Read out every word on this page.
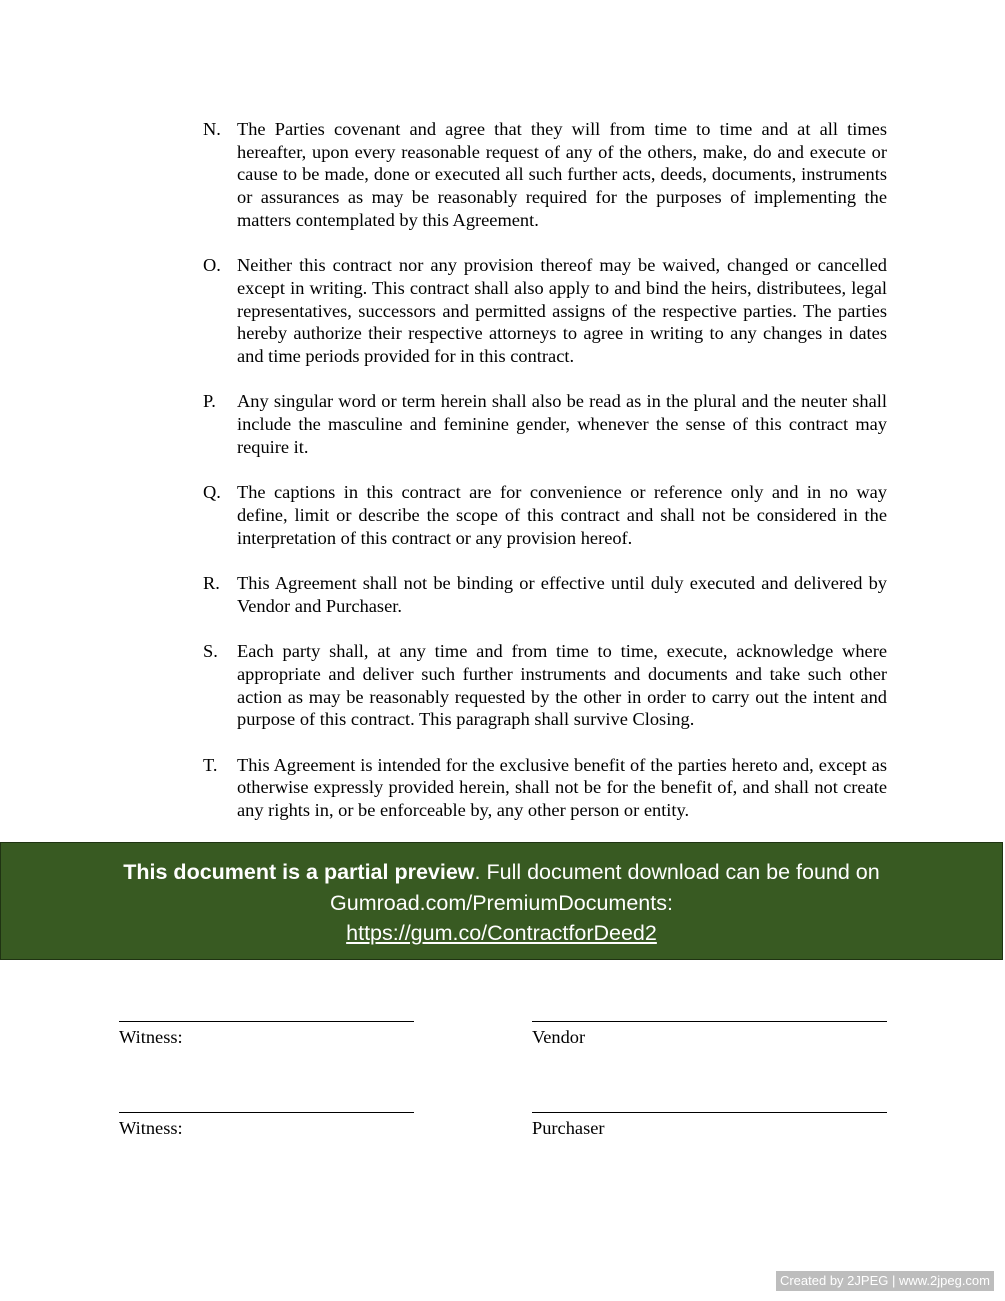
N. The Parties covenant and agree that they will from time to time and at all times hereafter, upon every reasonable request of any of the others, make, do and execute or cause to be made, done or executed all such further acts, deeds, documents, instruments or assurances as may be reasonably required for the purposes of implementing the matters contemplated by this Agreement.
O. Neither this contract nor any provision thereof may be waived, changed or cancelled except in writing. This contract shall also apply to and bind the heirs, distributees, legal representatives, successors and permitted assigns of the respective parties. The parties hereby authorize their respective attorneys to agree in writing to any changes in dates and time periods provided for in this contract.
P.	Any singular word or term herein shall also be read as in the plural and the neuter shall include the masculine and feminine gender, whenever the sense of this contract may require it.
Q. The captions in this contract are for convenience or reference only and in no way define, limit or describe the scope of this contract and shall not be considered in the interpretation of this contract or any provision hereof.
R. This Agreement shall not be binding or effective until duly executed and delivered by Vendor and Purchaser.
S.	Each party shall, at any time and from time to time, execute, acknowledge where appropriate and deliver such further instruments and documents and take such other action as may be reasonably requested by the other in order to carry out the intent and purpose of this contract. This paragraph shall survive Closing.
T.	This Agreement is intended for the exclusive benefit of the parties hereto and, except as otherwise expressly provided herein, shall not be for the benefit of, and shall not create any rights in, or be enforceable by, any other person or entity.
This document is a partial preview. Full document download can be found on Gumroad.com/PremiumDocuments:
https://gum.co/ContractforDeed2
Witness:	Vendor
Witness:	Purchaser
Created by 2JPEG | www.2jpeg.com
